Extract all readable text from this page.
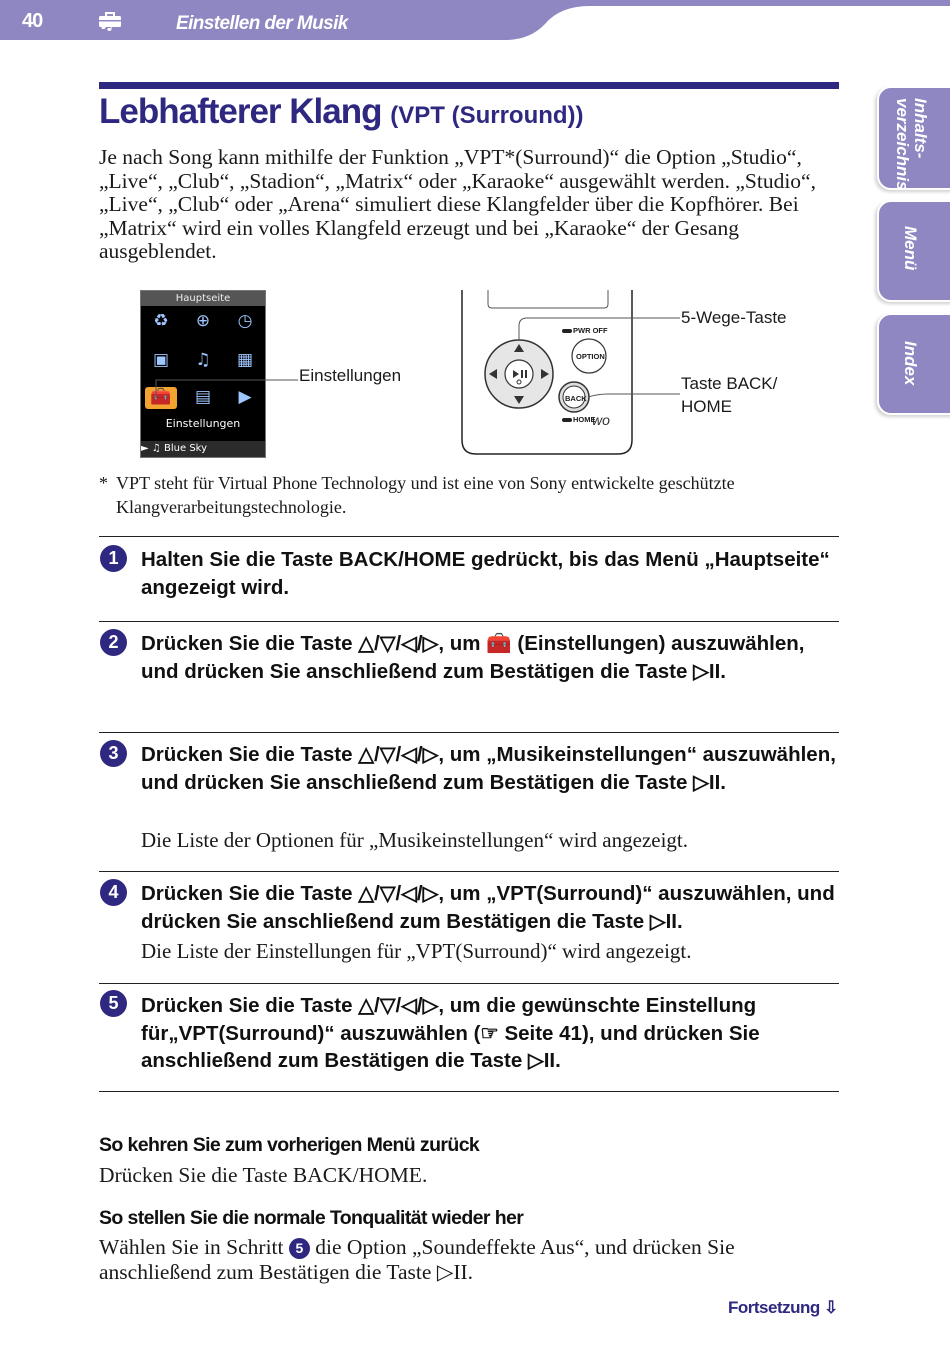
40	Einstellen der Musik
Inhalts-
verzeichnis
Menü
Index
Lebhafterer Klang (VPT (Surround))
Je nach Song kann mithilfe der Funktion „VPT*(Surround)“ die Option „Studio“, „Live“, „Club“, „Stadion“, „Matrix“ oder „Karaoke“ ausgewählt werden. „Studio“, „Live“, „Club“ oder „Arena“ simuliert diese Klangfelder über die Kopfhörer. Bei „Matrix“ wird ein volles Klangfeld erzeugt und bei „Karaoke“ der Gesang ausgeblendet.
Hauptseite
♻ ⊕ ◷
▣ ♫ ▦
🧰 ▤	▶
Einstellungen
► ♫ Blue Sky
Einstellungen
ᴡᴏ
PWR OFF
OPTION
BACK
HOME
5-Wege-Taste
Taste BACK/
HOME
* VPT steht für Virtual Phone Technology und ist eine von Sony entwickelte geschützte Klangverarbeitungstechnologie.
1	Halten Sie die Taste BACK/HOME gedrückt, bis das Menü „Hauptseite“ angezeigt wird.
2	Drücken Sie die Taste △/▽/◁/▷, um 🧰 (Einstellungen) auszuwählen, und drücken Sie anschließend zum Bestätigen die Taste ▷II.
3	Drücken Sie die Taste △/▽/◁/▷, um „Musikeinstellungen“ auszuwählen, und drücken Sie anschließend zum Bestätigen die Taste ▷II.
Die Liste der Optionen für „Musikeinstellungen“ wird angezeigt.
4	Drücken Sie die Taste △/▽/◁/▷, um „VPT(Surround)“ auszuwählen, und drücken Sie anschließend zum Bestätigen die Taste ▷II.
Die Liste der Einstellungen für „VPT(Surround)“ wird angezeigt.
5	Drücken Sie die Taste △/▽/◁/▷, um die gewünschte Einstellung für„VPT(Surround)“ auszuwählen (☞ Seite 41), und drücken Sie anschließend zum Bestätigen die Taste ▷II.
So kehren Sie zum vorherigen Menü zurück
Drücken Sie die Taste BACK/HOME.
So stellen Sie die normale Tonqualität wieder her
Wählen Sie in Schritt 5 die Option „Soundeffekte Aus“, und drücken Sie anschließend zum Bestätigen die Taste ▷II.
Fortsetzung ⇩
